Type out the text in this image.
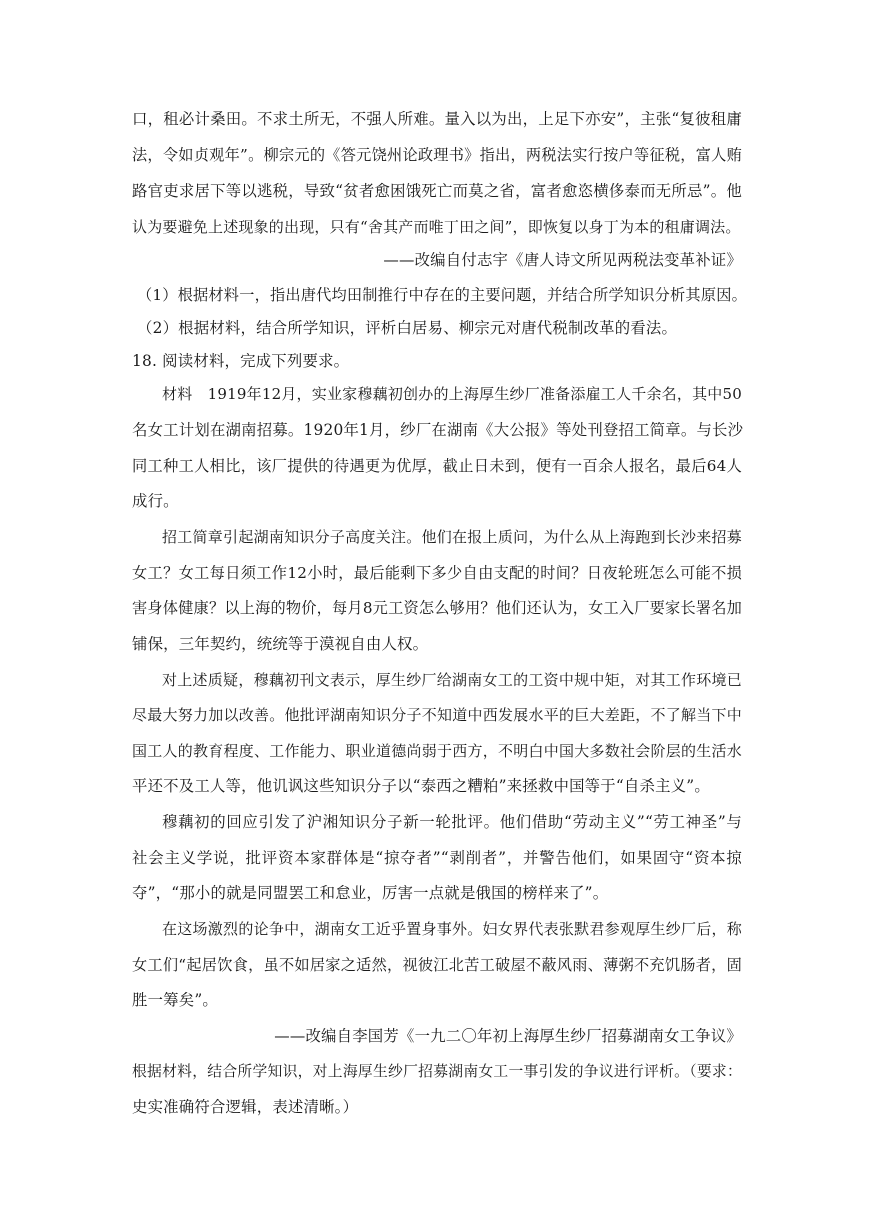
口，租必计桑田。不求土所无，不强人所难。量入以为出，上足下亦安”，主张“复彼租庸
法，令如贞观年”。柳宗元的《答元饶州论政理书》指出，两税法实行按户等征税，富人贿
路官吏求居下等以逃税，导致“贫者愈困饿死亡而莫之省，富者愈恣横侈泰而无所忌”。他
认为要避免上述现象的出现，只有“舍其产而唯丁田之间”，即恢复以身丁为本的租庸调法。
——改编自付志宇《唐人诗文所见两税法变革补证》
（1）根据材料一，指出唐代均田制推行中存在的主要问题，并结合所学知识分析其原因。
（2）根据材料，结合所学知识，评析白居易、柳宗元对唐代税制改革的看法。
18. 阅读材料，完成下列要求。
材料　1919年12月，实业家穆藕初创办的上海厚生纱厂准备添雇工人千余名，其中50
名女工计划在湖南招募。1920年1月，纱厂在湖南《大公报》等处刊登招工简章。与长沙
同工种工人相比，该厂提供的待遇更为优厚，截止日未到，便有一百余人报名，最后64人
成行。
招工简章引起湖南知识分子高度关注。他们在报上质问，为什么从上海跑到长沙来招募
女工？女工每日须工作12小时，最后能剩下多少自由支配的时间？日夜轮班怎么可能不损
害身体健康？以上海的物价，每月8元工资怎么够用？他们还认为，女工入厂要家长署名加
铺保，三年契约，统统等于漠视自由人权。
对上述质疑，穆藕初刊文表示，厚生纱厂给湖南女工的工资中规中矩，对其工作环境已
尽最大努力加以改善。他批评湖南知识分子不知道中西发展水平的巨大差距，不了解当下中
国工人的教育程度、工作能力、职业道德尚弱于西方，不明白中国大多数社会阶层的生活水
平还不及工人等，他讥讽这些知识分子以“泰西之糟粕”来拯救中国等于“自杀主义”。
穆藕初的回应引发了沪湘知识分子新一轮批评。他们借助“劳动主义”“劳工神圣”与
社会主义学说，批评资本家群体是“掠夺者”“剥削者”，并警告他们，如果固守“资本掠
夺”，“那小的就是同盟罢工和怠业，厉害一点就是俄国的榜样来了”。
在这场激烈的论争中，湖南女工近乎置身事外。妇女界代表张默君参观厚生纱厂后，称
女工们“起居饮食，虽不如居家之适然，视彼江北苦工破屋不蔽风雨、薄粥不充饥肠者，固
胜一筹矣”。
——改编自李国芳《一九二〇年初上海厚生纱厂招募湖南女工争议》
根据材料，结合所学知识，对上海厚生纱厂招募湖南女工一事引发的争议进行评析。（要求：
史实准确符合逻辑，表述清晰。）
